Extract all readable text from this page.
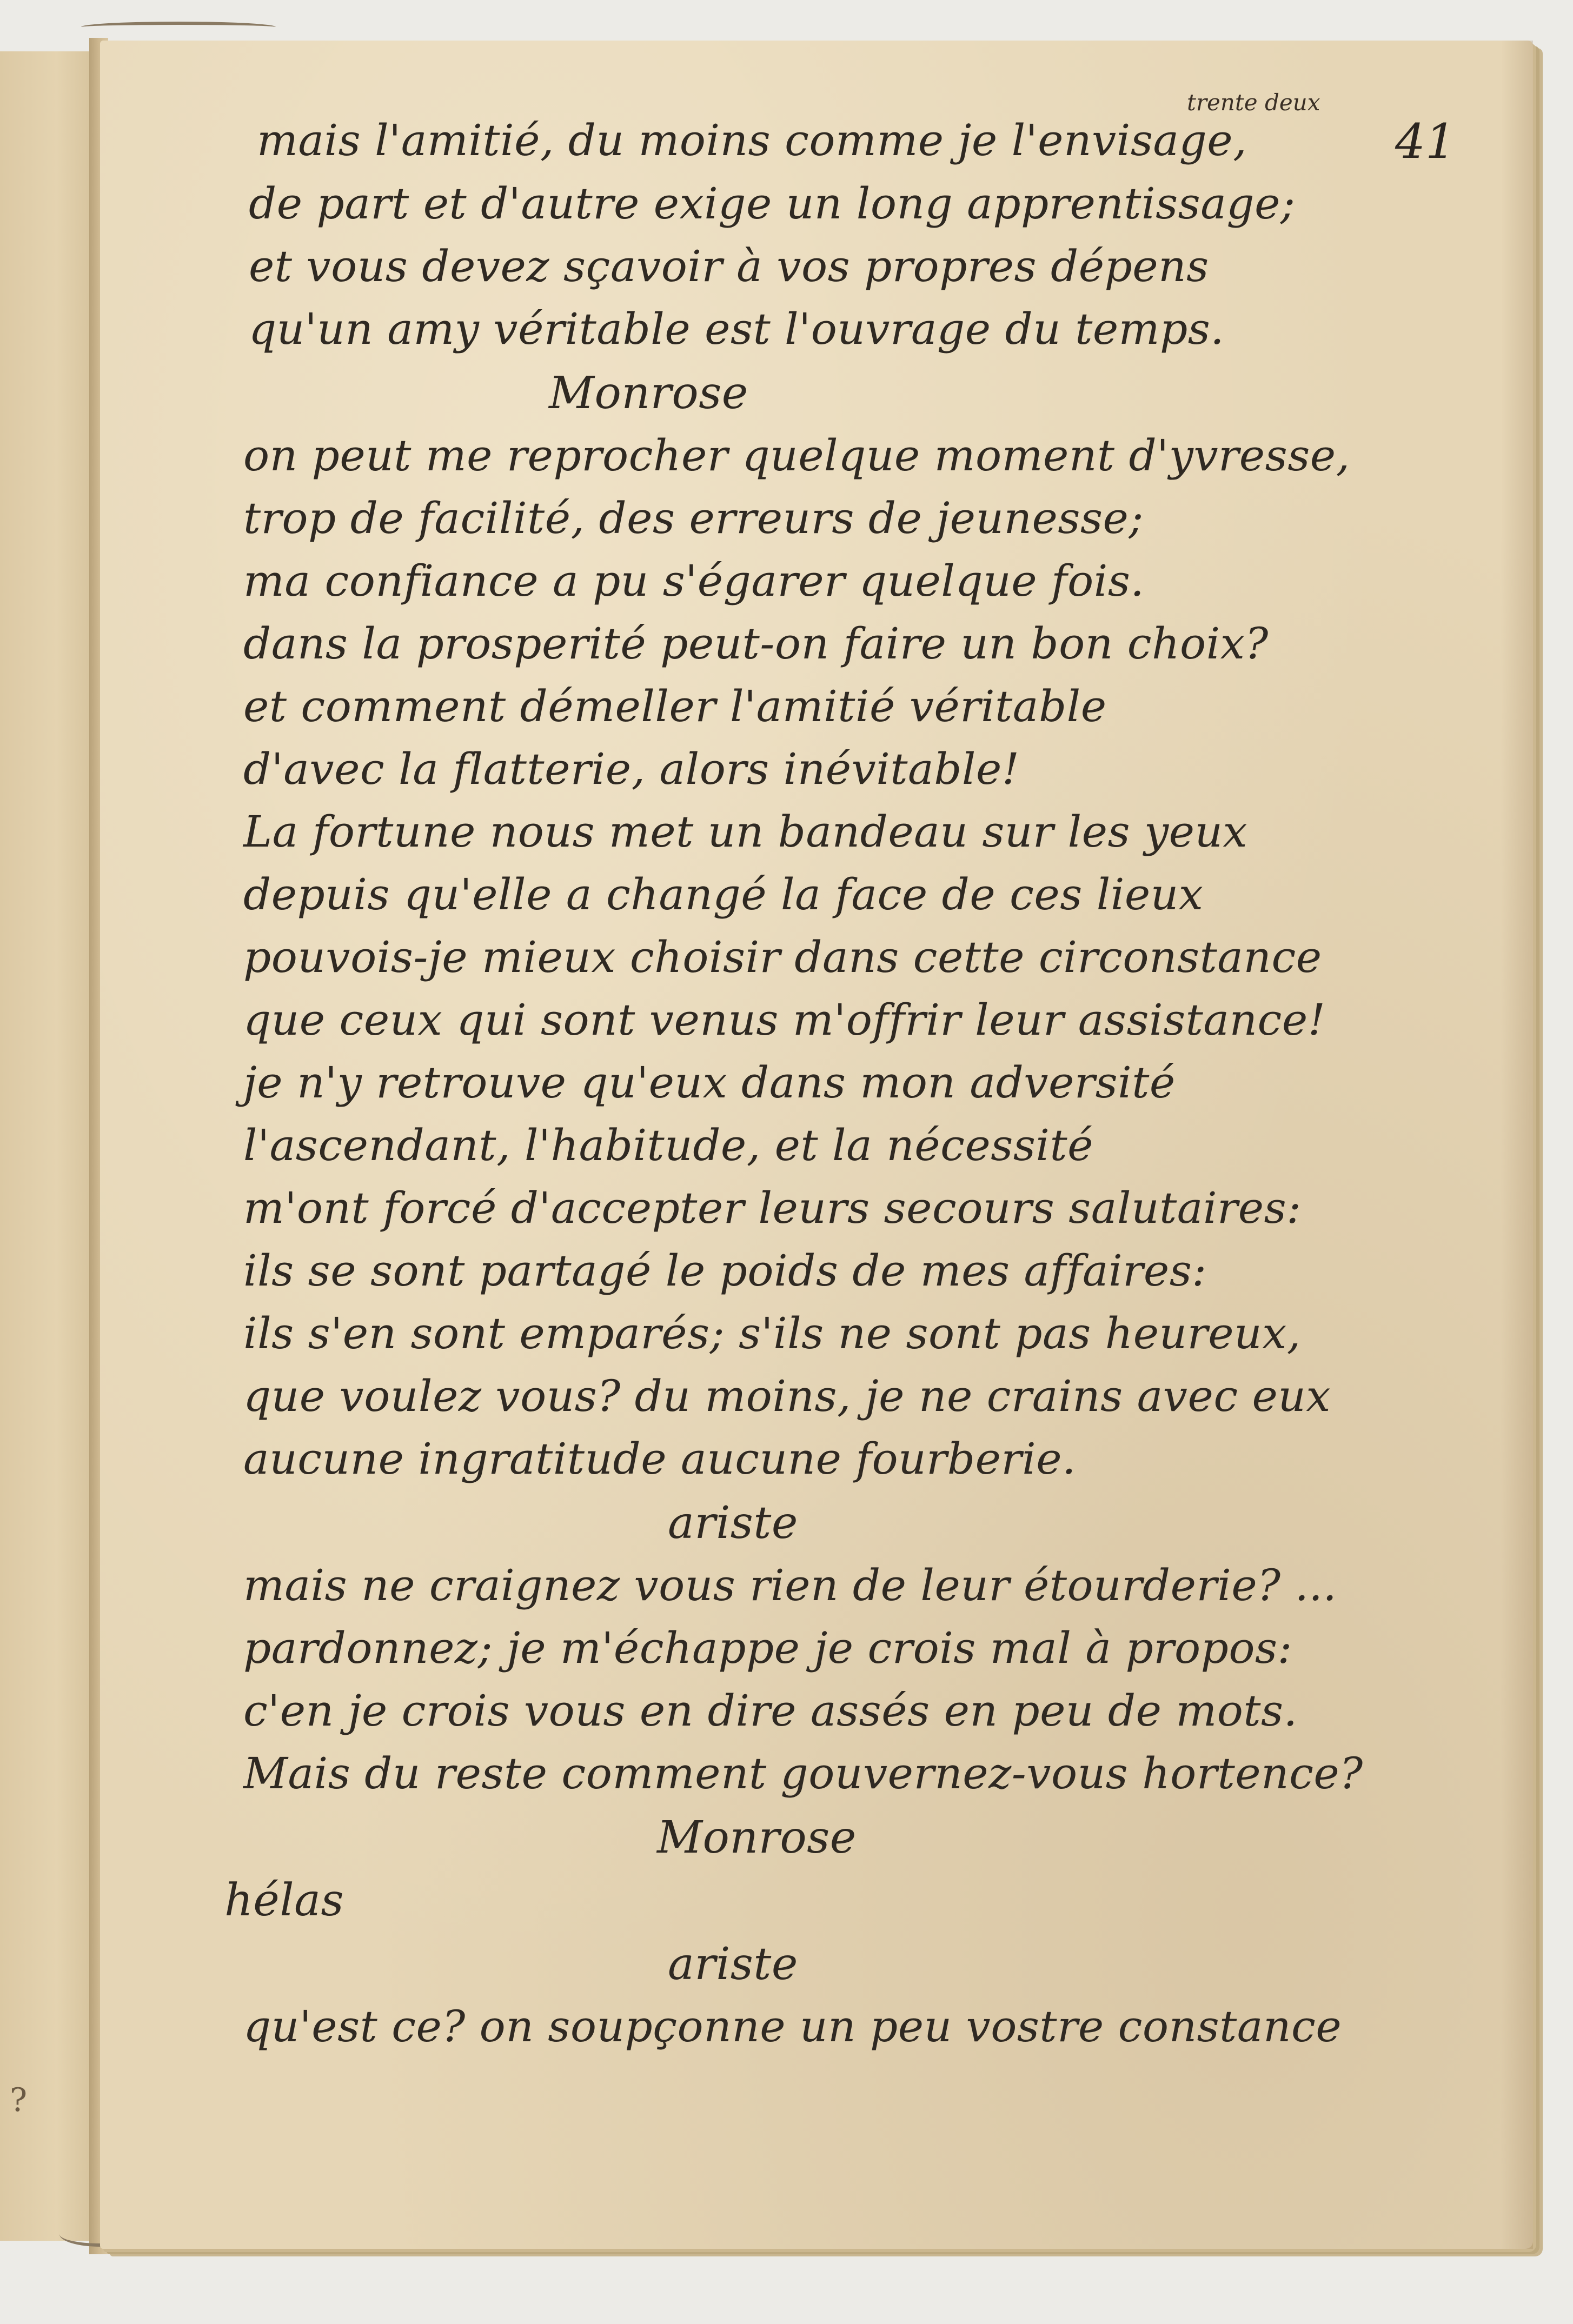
?
trente deux
41
mais l'amitié, du moins comme je l'envisage,
de part et d'autre exige un long apprentissage;
et vous devez sçavoir à vos propres dépens
qu'un amy véritable est l'ouvrage du temps.
Monrose
on peut me reprocher quelque moment d'yvresse,
trop de facilité, des erreurs de jeunesse;
ma confiance a pu s'égarer quelque fois.
dans la prosperité peut-on faire un bon choix?
et comment démeller l'amitié véritable
d'avec la flatterie, alors inévitable!
La fortune nous met un bandeau sur les yeux
depuis qu'elle a changé la face de ces lieux
pouvois-je mieux choisir dans cette circonstance
que ceux qui sont venus m'offrir leur assistance!
je n'y retrouve qu'eux dans mon adversité
l'ascendant, l'habitude, et la nécessité
m'ont forcé d'accepter leurs secours salutaires:
ils se sont partagé le poids de mes affaires:
ils s'en sont emparés; s'ils ne sont pas heureux,
que voulez vous? du moins, je ne crains avec eux
aucune ingratitude aucune fourberie.
ariste
mais ne craignez vous rien de leur étourderie? ...
pardonnez; je m'échappe je crois mal à propos:
c'en je crois vous en dire assés en peu de mots.
Mais du reste comment gouvernez-vous hortence?
Monrose
hélas
ariste
qu'est ce? on soupçonne un peu vostre constance
